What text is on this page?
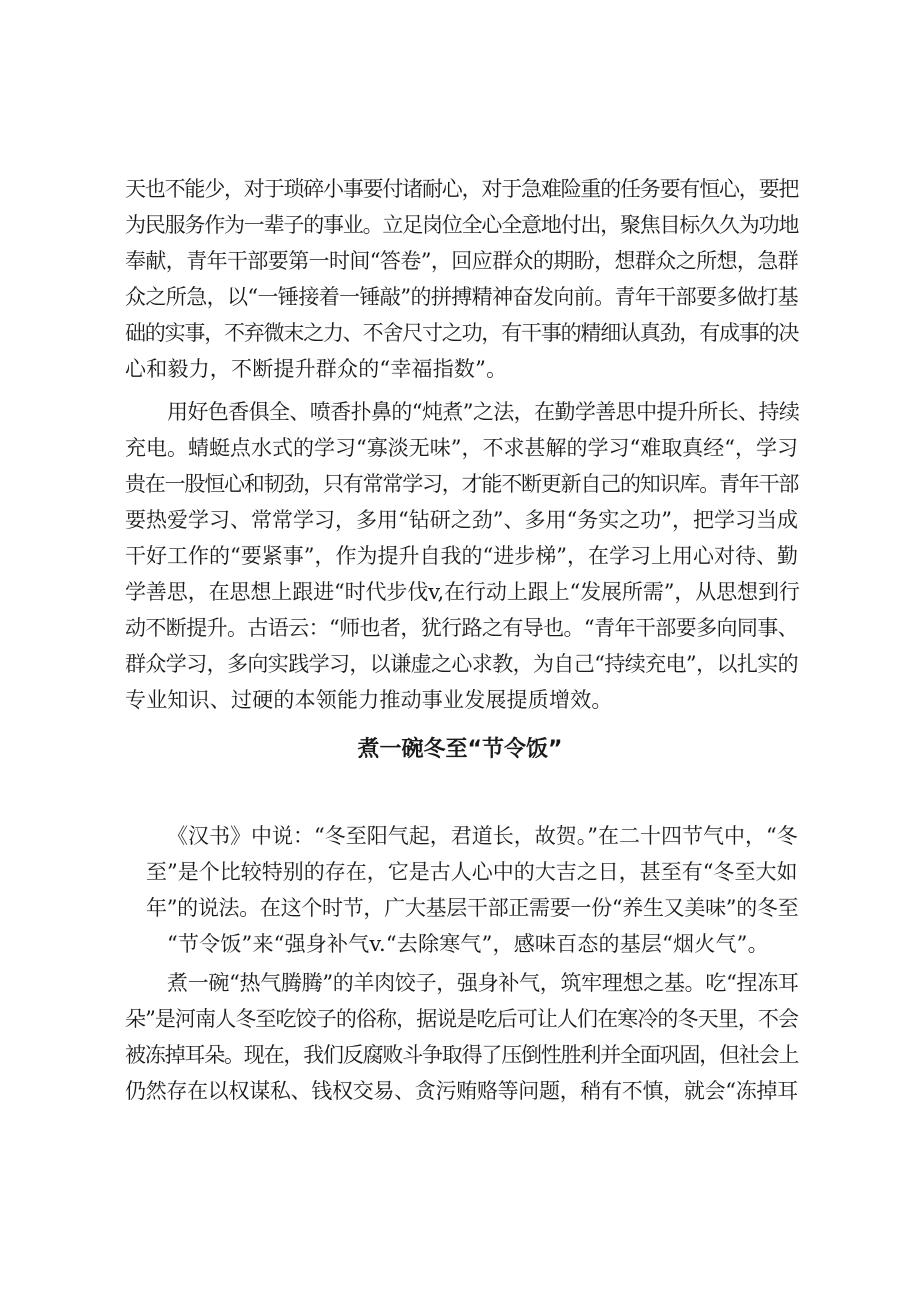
天也不能少，对于琐碎小事要付诸耐心，对于急难险重的任务要有恒心，要把
为民服务作为一辈子的事业。立足岗位全心全意地付出，聚焦目标久久为功地
奉献，青年干部要第一时间“答卷”，回应群众的期盼，想群众之所想，急群
众之所急，以“一锤接着一锤敲”的拼搏精神奋发向前。青年干部要多做打基
础的实事，不弃微末之力、不舍尺寸之功，有干事的精细认真劲，有成事的决
心和毅力，不断提升群众的“幸福指数”。
用好色香俱全、喷香扑鼻的“炖煮”之法，在勤学善思中提升所长、持续
充电。蜻蜓点水式的学习“寡淡无味”，不求甚解的学习“难取真经“，学习
贵在一股恒心和韧劲，只有常常学习，才能不断更新自己的知识库。青年干部
要热爱学习、常常学习，多用“钻研之劲”、多用“务实之功”，把学习当成
干好工作的“要紧事”，作为提升自我的“进步梯”，在学习上用心对待、勤
学善思，在思想上跟进“时代步伐v,在行动上跟上“发展所需”，从思想到行
动不断提升。古语云：“师也者，犹行路之有导也。“青年干部要多向同事、
群众学习，多向实践学习，以谦虚之心求教，为自己“持续充电”，以扎实的
专业知识、过硬的本领能力推动事业发展提质增效。
煮一碗冬至“节令饭”
《汉书》中说：“冬至阳气起，君道长，故贺。”在二十四节气中，“冬
至”是个比较特别的存在，它是古人心中的大吉之日，甚至有“冬至大如
年”的说法。在这个时节，广大基层干部正需要一份“养生又美味”的冬至
“节令饭”来“强身补气v.“去除寒气”，感味百态的基层“烟火气”。
煮一碗“热气腾腾”的羊肉饺子，强身补气，筑牢理想之基。吃“捏冻耳
朵”是河南人冬至吃饺子的俗称，据说是吃后可让人们在寒冷的冬天里，不会
被冻掉耳朵。现在，我们反腐败斗争取得了压倒性胜利并全面巩固，但社会上
仍然存在以权谋私、钱权交易、贪污贿赂等问题，稍有不慎，就会“冻掉耳
